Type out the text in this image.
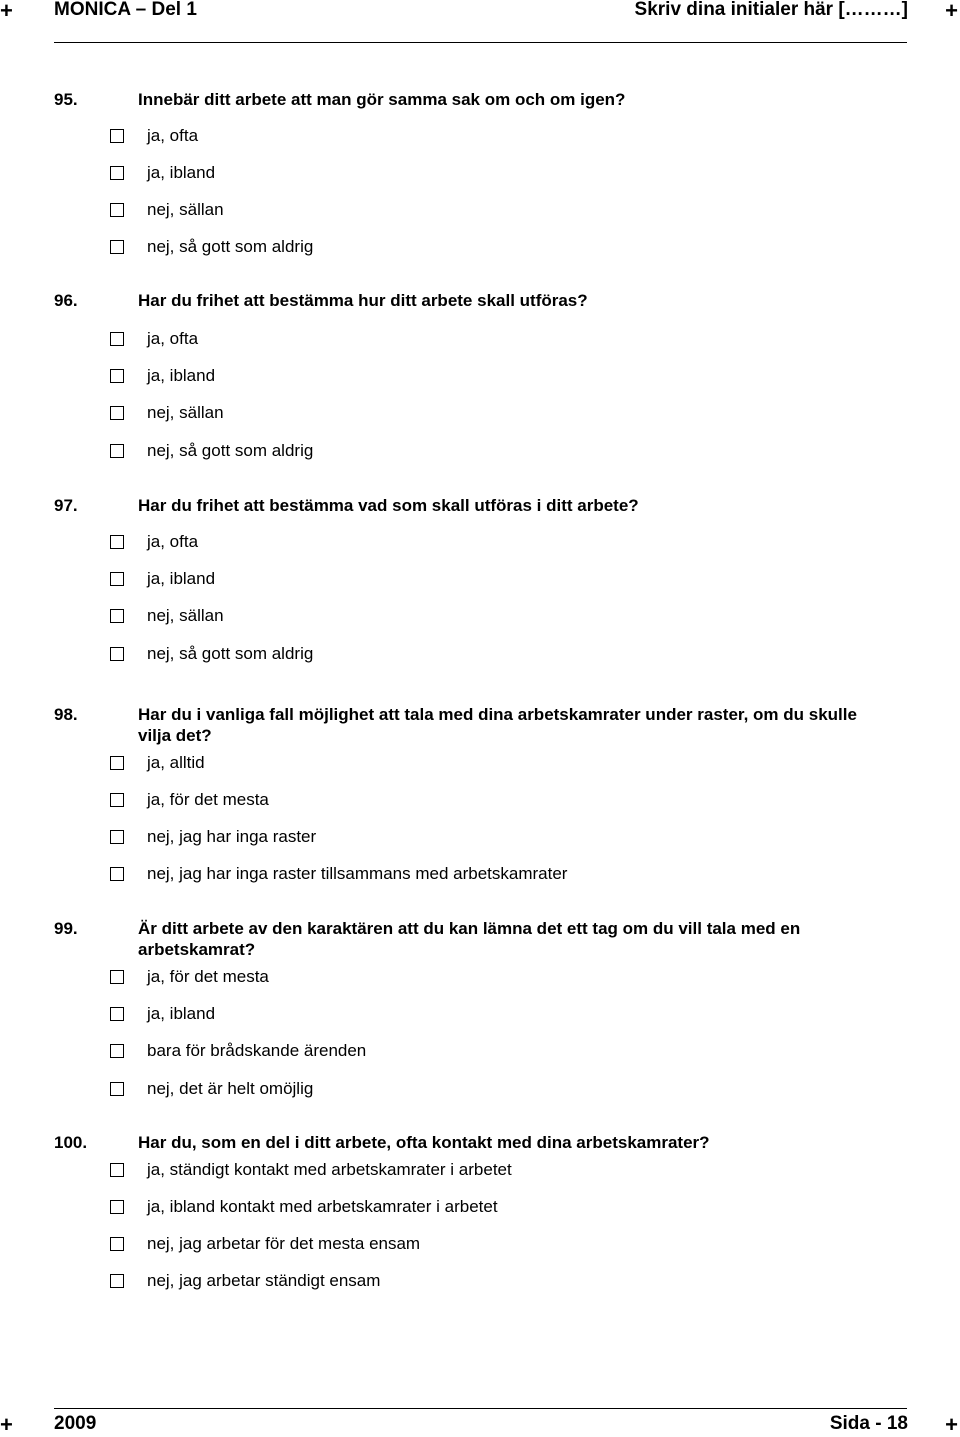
+	+
MONICA – Del 1	Skriv dina initialer här [………]
95.	Innebär ditt arbete att man gör samma sak om och om igen?
ja, ofta
ja, ibland
nej, sällan
nej, så gott som aldrig
96.	Har du frihet att bestämma hur ditt arbete skall utföras?
ja, ofta
ja, ibland
nej, sällan
nej, så gott som aldrig
97.	Har du frihet att bestämma vad som skall utföras i ditt arbete?
ja, ofta
ja, ibland
nej, sällan
nej, så gott som aldrig
98.	Har du i vanliga fall möjlighet att tala med dina arbetskamrater under raster, om du skulle vilja det?
ja, alltid
ja, för det mesta
nej, jag har inga raster
nej, jag har inga raster tillsammans med arbetskamrater
99.	Är ditt arbete av den karaktären att du kan lämna det ett tag om du vill tala med en arbetskamrat?
ja, för det mesta
ja, ibland
bara för brådskande ärenden
nej, det är helt omöjlig
100.	Har du, som en del i ditt arbete, ofta kontakt med dina arbetskamrater?
ja, ständigt kontakt med arbetskamrater i arbetet
ja, ibland kontakt med arbetskamrater i arbetet
nej, jag arbetar för det mesta ensam
nej, jag arbetar ständigt ensam
+	+
2009	Sida - 18
